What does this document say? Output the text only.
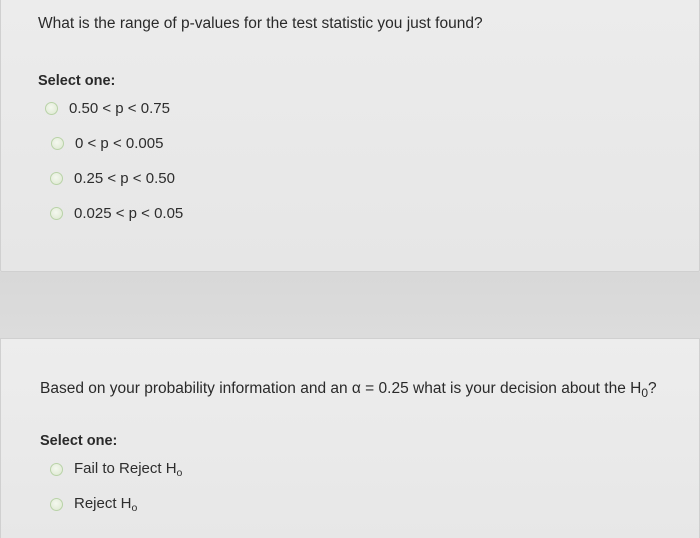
What is the range of p-values for the test statistic you just found?
Select one:
0.50 < p < 0.75
0 < p < 0.005
0.25 < p < 0.50
0.025 < p < 0.05
Based on your probability information and an α = 0.25 what is your decision about the $H_0$?
Select one:
Fail to Reject $H_o$
Reject $H_o$
